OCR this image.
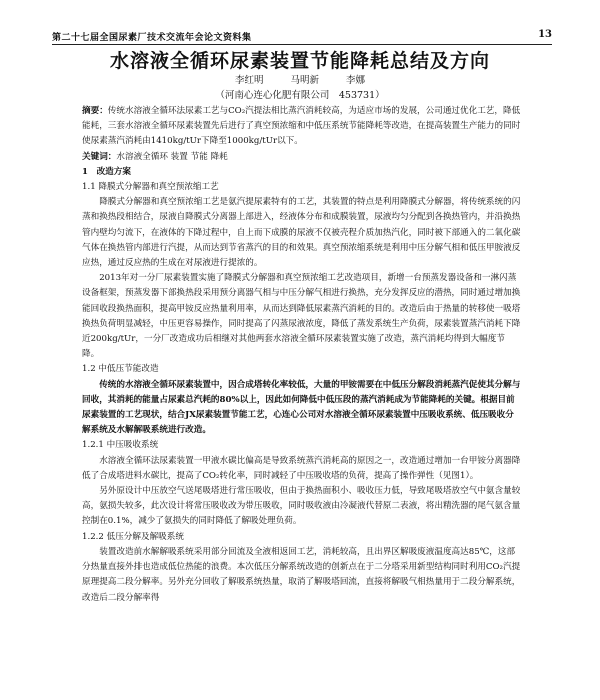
第二十七届全国尿素厂技术交流年会论文资料集	13
水溶液全循环尿素装置节能降耗总结及方向
李红明	马明新	李娜
（河南心连心化肥有限公司　453731）

摘要：传统水溶液全循环法尿素工艺与CO₂汽提法相比蒸汽消耗较高，为适应市场的发展，公司通过优化工艺，降低能耗，三套水溶液全循环尿素装置先后进行了真空预浓缩和中低压系统节能降耗等改造，在提高装置生产能力的同时使尿素蒸汽消耗由1410kg/tUr下降至1000kg/tUr以下。

关键词：水溶液全循环 装置 节能 降耗

1　改造方案

1.1 降膜式分解器和真空预浓缩工艺

降膜式分解器和真空预浓缩工艺是氨汽提尿素特有的工艺，其装置的特点是利用降膜式分解器，将传统系统的闪蒸和换热段相结合，尿液自降膜式分离器上部进入，经液体分布和成膜装置，尿液均匀分配到各换热管内，并沿换热管内壁均匀流下，在液体的下降过程中，自上而下成膜的尿液不仅被壳程介质加热汽化，同时被下部通入的二氧化碳气体在换热管内部进行汽提，从而达到节省蒸汽的目的和效果。真空预浓缩系统是利用中压分解气相和低压甲胺液反应热，通过反应热的生成在对尿液进行提浓的。

2013年对一分厂尿素装置实施了降膜式分解器和真空预浓缩工艺改造项目，新增一台预蒸发器设备和一淋闪蒸设备框架，预蒸发器下部换热段采用预分离器气相与中压分解气相进行换热，充分发挥反应的潜热，同时通过增加换能回收段换热面积，提高甲铵反应热量利用率，从而达到降低尿素蒸汽消耗的目的。改造后由于热量的转移使一吸塔换热负荷明显减轻，中压更容易操作，同时提高了闪蒸尿液浓度，降低了蒸发系统生产负荷，尿素装置蒸汽消耗下降近200kg/tUr，一分厂改造成功后相继对其他两套水溶液全循环尿素装置实施了改造，蒸汽消耗均得到大幅度节降。

1.2 中低压节能改造

传统的水溶液全循环尿素装置中，因合成塔转化率较低，大量的甲铵需要在中低压分解段消耗蒸汽促使其分解与回收，其消耗的能量占尿素总汽耗的80%以上，因此如何降低中低压段的蒸汽消耗成为节能降耗的关键。根据目前尿素装置的工艺现状，结合JX尿素装置节能工艺，心连心公司对水溶液全循环尿素装置中压吸收系统、低压吸收分解系统及水解解吸系统进行改造。

1.2.1 中压吸收系统

水溶液全循环法尿素装置一甲液水碳比偏高是导致系统蒸汽消耗高的原因之一，改造通过增加一台甲铵分离器降低了合成塔进料水碳比，提高了CO₂转化率，同时减轻了中压吸收塔的负荷，提高了操作弹性（见图1）。

另外原设计中压放空气送尾吸塔进行常压吸收，但由于换热面积小、吸收压力低，导致尾吸塔放空气中氨含量较高，氨损失较多，此次设计将常压吸收改为带压吸收，同时吸收液由冷凝液代替原二表液，将出精洗器的尾气氨含量控制在0.1%，减少了氨损失的同时降低了解吸处理负荷。

1.2.2 低压分解及解吸系统

装置改造前水解解吸系统采用部分回流及全液相返回工艺，消耗较高，且出界区解吸废液温度高达85℃，这部分热量直接外排也造成低位热能的浪费。本次低压分解系统改造的创新点在于二分塔采用新型结构同时利用CO₂汽提原理提高二段分解率。另外充分回收了解吸系统热量，取消了解吸塔回流，直接将解吸气相热量用于二段分解系统，改造后二段分解率得
